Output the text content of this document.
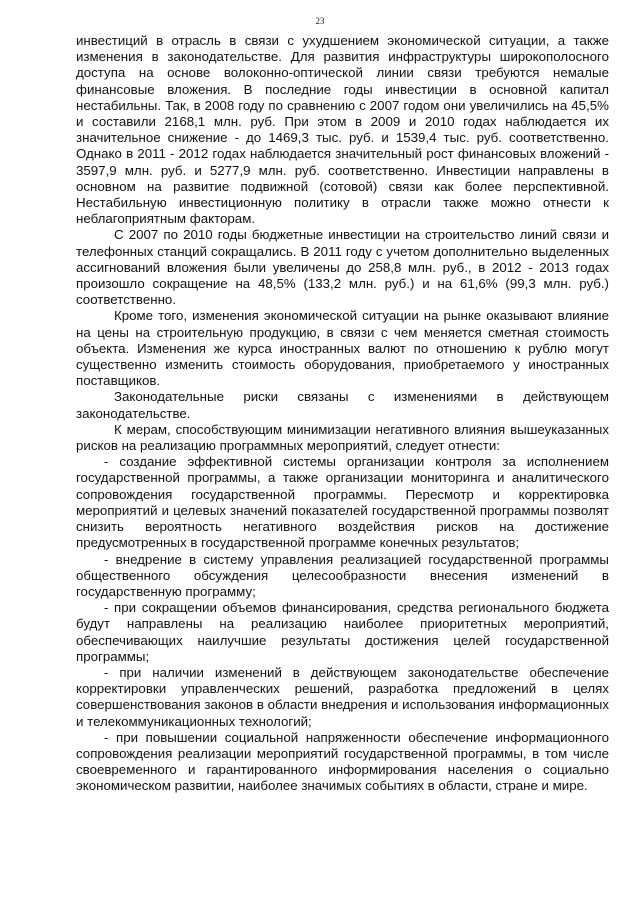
23

инвестиций в отрасль в связи с ухудшением экономической ситуации, а также изменения в законодательстве. Для развития инфраструктуры широкополосного доступа на основе волоконно-оптической линии связи требуются немалые финансовые вложения. В последние годы инвестиции в основной капитал нестабильны. Так, в 2008 году по сравнению с 2007 годом они увеличились на 45,5% и составили 2168,1 млн. руб. При этом в 2009 и 2010 годах наблюдается их значительное снижение - до 1469,3 тыс. руб. и 1539,4 тыс. руб. соответственно. Однако в 2011 - 2012 годах наблюдается значительный рост финансовых вложений - 3597,9 млн. руб. и 5277,9 млн. руб. соответственно. Инвестиции направлены в основном на развитие подвижной (сотовой) связи как более перспективной. Нестабильную инвестиционную политику в отрасли также можно отнести к неблагоприятным факторам.

С 2007 по 2010 годы бюджетные инвестиции на строительство линий связи и телефонных станций сокращались. В 2011 году с учетом дополнительно выделенных ассигнований вложения были увеличены до 258,8 млн. руб., в 2012 - 2013 годах произошло сокращение на 48,5% (133,2 млн. руб.) и на 61,6% (99,3 млн. руб.) соответственно.

Кроме того, изменения экономической ситуации на рынке оказывают влияние на цены на строительную продукцию, в связи с чем меняется сметная стоимость объекта. Изменения же курса иностранных валют по отношению к рублю могут существенно изменить стоимость оборудования, приобретаемого у иностранных поставщиков.

Законодательные риски связаны с изменениями в действующем законодательстве.

К мерам, способствующим минимизации негативного влияния вышеуказанных рисков на реализацию программных мероприятий, следует отнести:

- создание эффективной системы организации контроля за исполнением государственной программы, а также организации мониторинга и аналитического сопровождения государственной программы. Пересмотр и корректировка мероприятий и целевых значений показателей государственной программы позволят снизить вероятность негативного воздействия рисков на достижение предусмотренных в государственной программе конечных результатов;

- внедрение в систему управления реализацией государственной программы общественного обсуждения целесообразности внесения изменений в государственную программу;

- при сокращении объемов финансирования, средства регионального бюджета будут направлены на реализацию наиболее приоритетных мероприятий, обеспечивающих наилучшие результаты достижения целей государственной программы;

- при наличии изменений в действующем законодательстве обеспечение корректировки управленческих решений, разработка предложений в целях совершенствования законов в области внедрения и использования информационных и телекоммуникационных технологий;

- при повышении социальной напряженности обеспечение информационного сопровождения реализации мероприятий государственной программы, в том числе своевременного и гарантированного информирования населения о социально экономическом развитии, наиболее значимых событиях в области, стране и мире.
